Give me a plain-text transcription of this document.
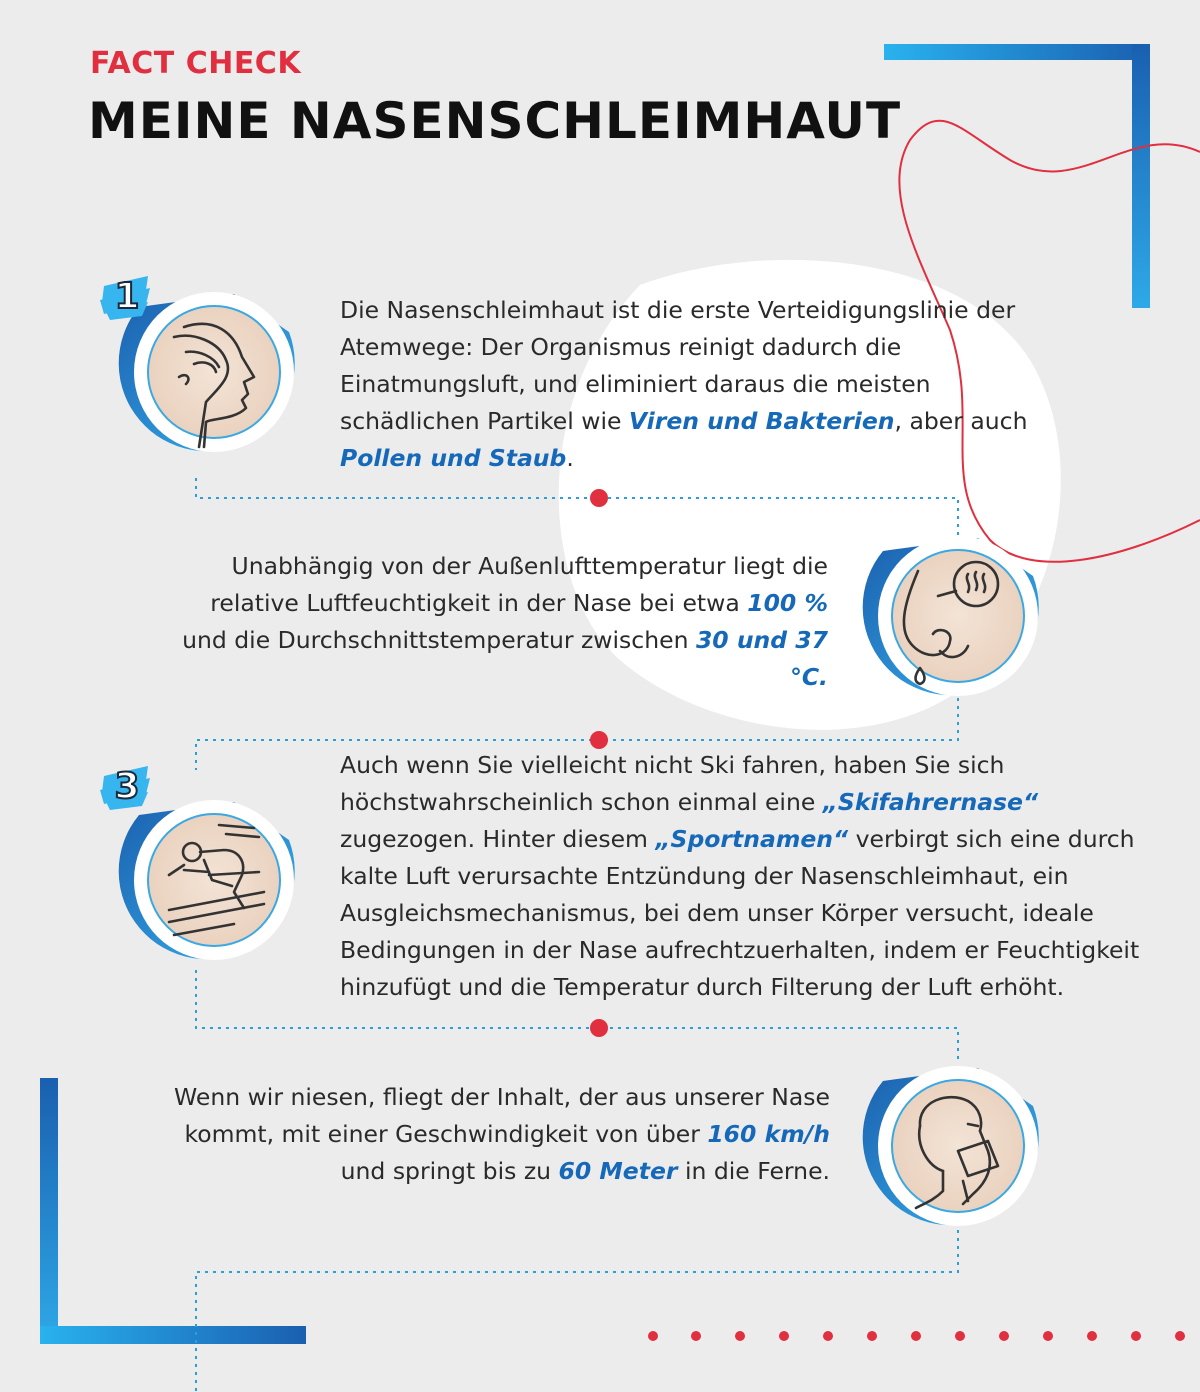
FACT CHECK
MEINE NASENSCHLEIMHAUT
1
3
Die Nasenschleimhaut ist die erste Verteidigungslinie der Atemwege: Der Organismus reinigt dadurch die Einatmungsluft, und eliminiert daraus die meisten schädlichen Partikel wie Viren und Bakterien, aber auch Pollen und Staub.
Unabhängig von der Außenlufttemperatur liegt die relative Luftfeuchtigkeit in der Nase bei etwa 100 % und die Durchschnittstemperatur zwischen 30 und 37 °C.
Auch wenn Sie vielleicht nicht Ski fahren, haben Sie sich höchstwahrscheinlich schon einmal eine „Skifahrernase“ zugezogen. Hinter diesem „Sportnamen“ verbirgt sich eine durch kalte Luft verursachte Entzündung der Nasenschleimhaut, ein Ausgleichsmechanismus, bei dem unser Körper versucht, ideale Bedingungen in der Nase aufrechtzuerhalten, indem er Feuchtigkeit hinzufügt und die Temperatur durch Filterung der Luft erhöht.
Wenn wir niesen, fliegt der Inhalt, der aus unserer Nase kommt, mit einer Geschwindigkeit von über 160 km/h und springt bis zu 60 Meter in die Ferne.
